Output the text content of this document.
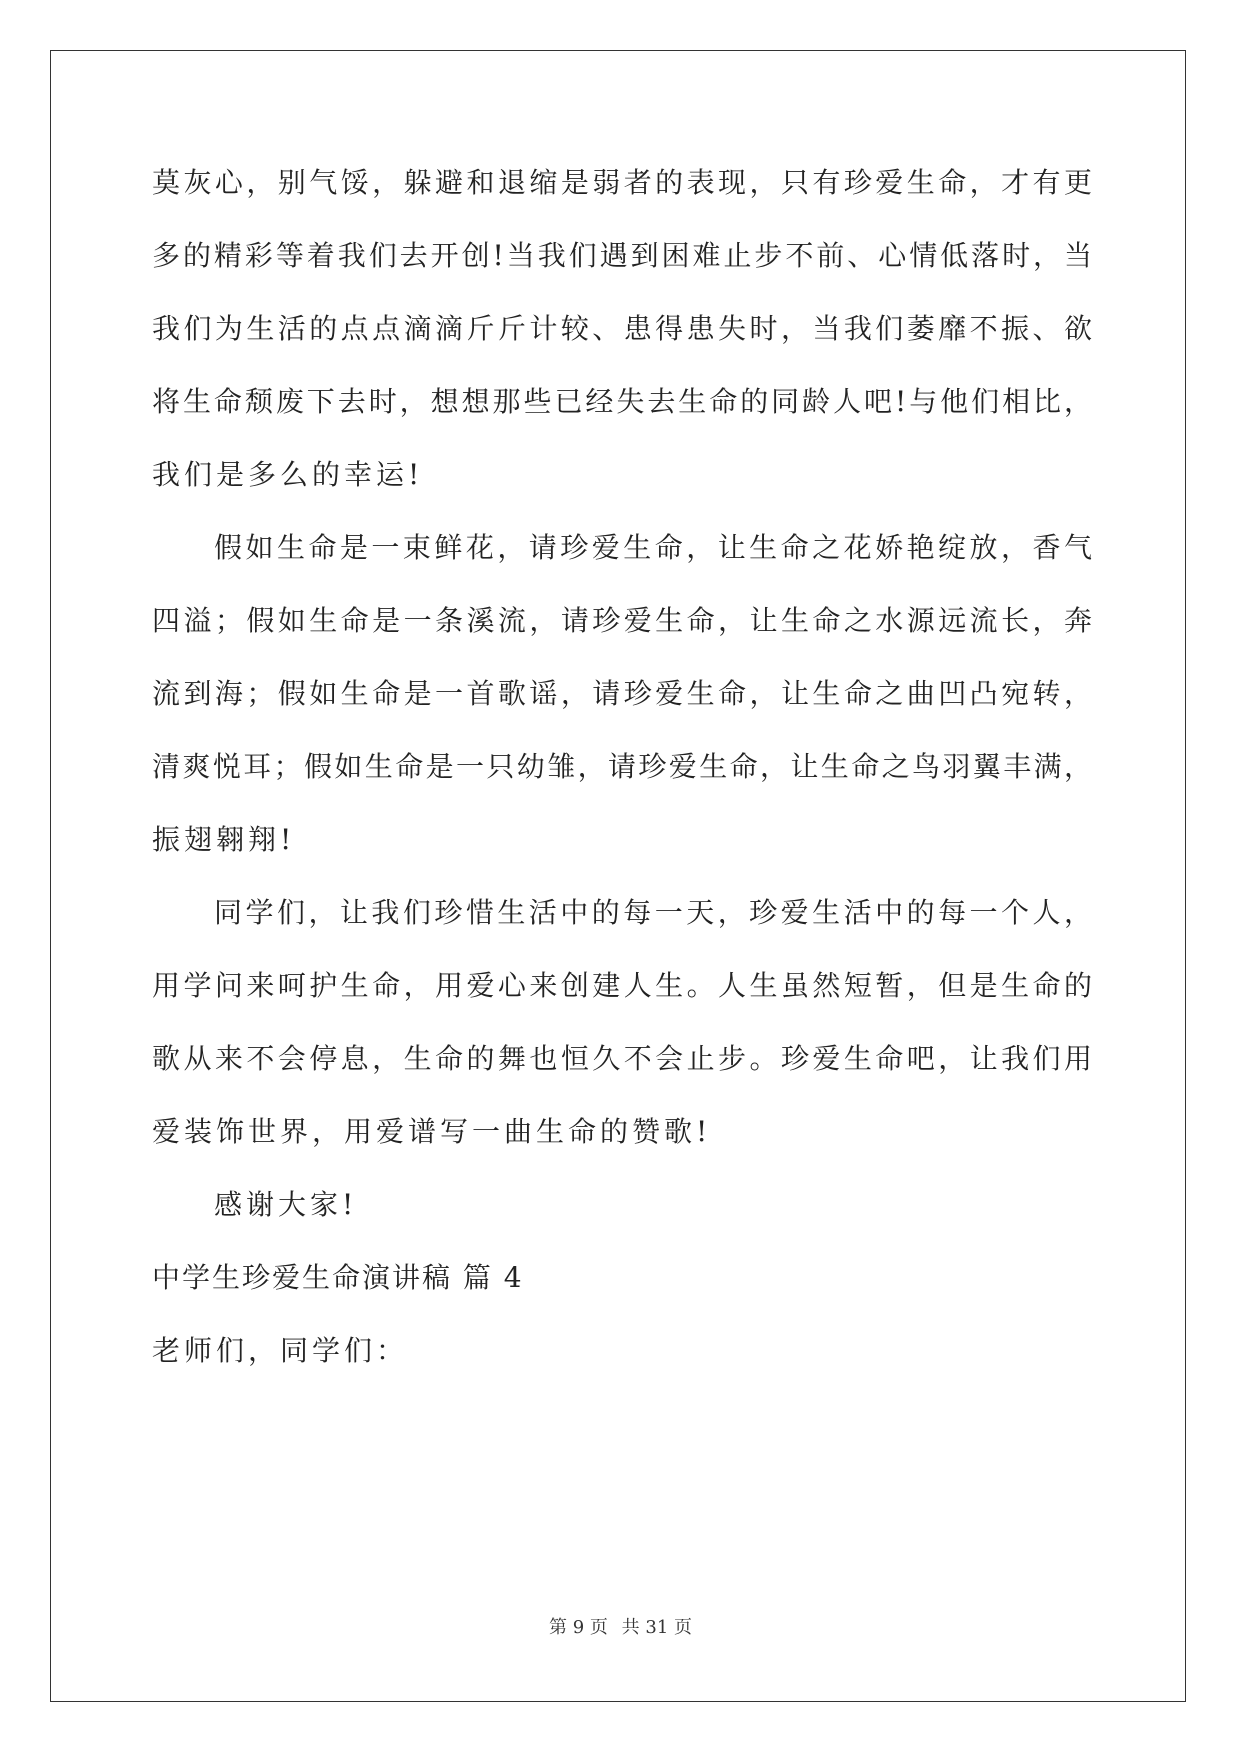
莫灰心，别气馁，躲避和退缩是弱者的表现，只有珍爱生命，才有更
多的精彩等着我们去开创!当我们遇到困难止步不前、心情低落时，当
我们为生活的点点滴滴斤斤计较、患得患失时，当我们萎靡不振、欲
将生命颓废下去时，想想那些已经失去生命的同龄人吧!与他们相比，
我们是多么的幸运!
假如生命是一束鲜花，请珍爱生命，让生命之花娇艳绽放，香气
四溢；假如生命是一条溪流，请珍爱生命，让生命之水源远流长，奔
流到海；假如生命是一首歌谣，请珍爱生命，让生命之曲凹凸宛转，
清爽悦耳；假如生命是一只幼雏，请珍爱生命，让生命之鸟羽翼丰满，
振翅翱翔!
同学们，让我们珍惜生活中的每一天，珍爱生活中的每一个人，
用学问来呵护生命，用爱心来创建人生。人生虽然短暂，但是生命的
歌从来不会停息，生命的舞也恒久不会止步。珍爱生命吧，让我们用
爱装饰世界，用爱谱写一曲生命的赞歌!
感谢大家!
中学生珍爱生命演讲稿 篇 4
老师们，同学们：
第 9 页 共 31 页
